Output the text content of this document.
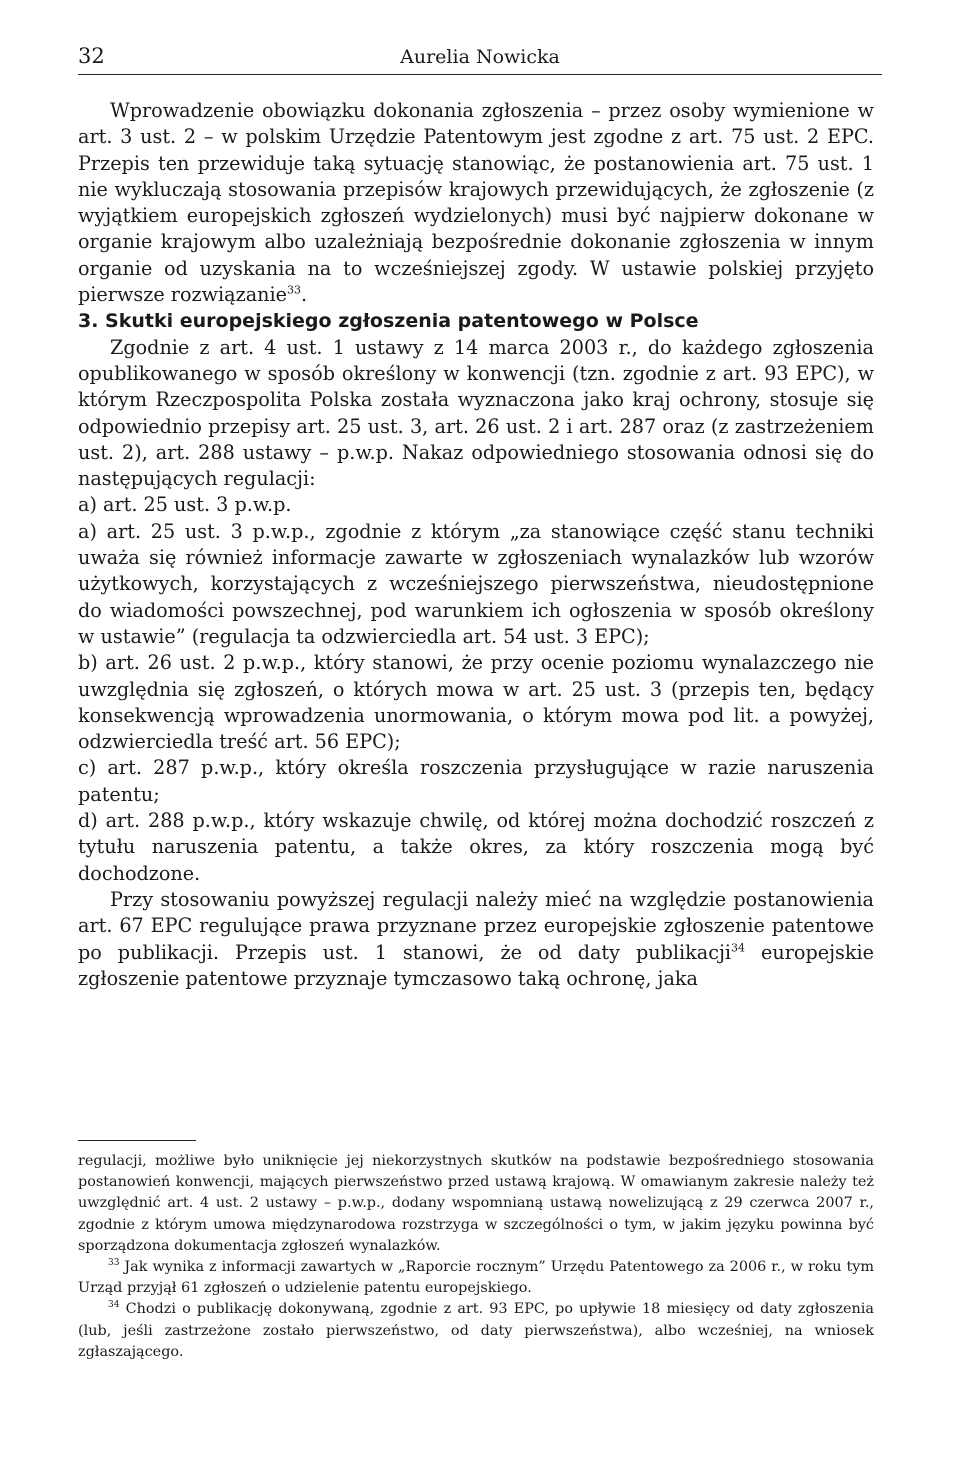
32	Aurelia Nowicka

Wprowadzenie obowiązku dokonania zgłoszenia – przez osoby wymienione w art. 3 ust. 2 – w polskim Urzędzie Patentowym jest zgodne z art. 75 ust. 2 EPC. Przepis ten przewiduje taką sytuację stanowiąc, że postanowienia art. 75 ust. 1 nie wykluczają stosowania przepisów krajowych przewidujących, że zgłoszenie (z wyjątkiem europejskich zgłoszeń wydzielonych) musi być najpierw dokonane w organie krajowym albo uzależniają bezpośrednie dokonanie zgłoszenia w innym organie od uzyskania na to wcześniejszej zgody. W ustawie polskiej przyjęto pierwsze rozwiązanie$^{33}$.

3. Skutki europejskiego zgłoszenia patentowego w Polsce

Zgodnie z art. 4 ust. 1 ustawy z 14 marca 2003 r., do każdego zgłoszenia opublikowanego w sposób określony w konwencji (tzn. zgodnie z art. 93 EPC), w którym Rzeczpospolita Polska została wyznaczona jako kraj ochrony, stosuje się odpowiednio przepisy art. 25 ust. 3, art. 26 ust. 2 i art. 287 oraz (z zastrzeżeniem ust. 2), art. 288 ustawy – p.w.p. Nakaz odpowiedniego stosowania odnosi się do następujących regulacji:

a) art. 25 ust. 3 p.w.p.

a) art. 25 ust. 3 p.w.p., zgodnie z którym „za stanowiące część stanu techniki uważa się również informacje zawarte w zgłoszeniach wynalazków lub wzorów użytkowych, korzystających z wcześniejszego pierwszeństwa, nieudostępnione do wiadomości powszechnej, pod warunkiem ich ogłoszenia w sposób określony w ustawie” (regulacja ta odzwierciedla art. 54 ust. 3 EPC);

b) art. 26 ust. 2 p.w.p., który stanowi, że przy ocenie poziomu wynalazczego nie uwzględnia się zgłoszeń, o których mowa w art. 25 ust. 3 (przepis ten, będący konsekwencją wprowadzenia unormowania, o którym mowa pod lit. a powyżej, odzwierciedla treść art. 56 EPC);

c) art. 287 p.w.p., który określa roszczenia przysługujące w razie naruszenia patentu;

d) art. 288 p.w.p., który wskazuje chwilę, od której można dochodzić roszczeń z tytułu naruszenia patentu, a także okres, za który roszczenia mogą być dochodzone.

Przy stosowaniu powyższej regulacji należy mieć na względzie postanowienia art. 67 EPC regulujące prawa przyznane przez europejskie zgłoszenie patentowe po publikacji. Przepis ust. 1 stanowi, że od daty publikacji$^{34}$ europejskie zgłoszenie patentowe przyznaje tymczasowo taką ochronę, jaka

regulacji, możliwe było uniknięcie jej niekorzystnych skutków na podstawie bezpośredniego stosowania postanowień konwencji, mających pierwszeństwo przed ustawą krajową. W omawianym zakresie należy też uwzględnić art. 4 ust. 2 ustawy – p.w.p., dodany wspomnianą ustawą nowelizującą z 29 czerwca 2007 r., zgodnie z którym umowa międzynarodowa rozstrzyga w szczególności o tym, w jakim języku powinna być sporządzona dokumentacja zgłoszeń wynalazków.

$^{33}$ Jak wynika z informacji zawartych w „Raporcie rocznym” Urzędu Patentowego za 2006 r., w roku tym Urząd przyjął 61 zgłoszeń o udzielenie patentu europejskiego.

$^{34}$ Chodzi o publikację dokonywaną, zgodnie z art. 93 EPC, po upływie 18 miesięcy od daty zgłoszenia (lub, jeśli zastrzeżone zostało pierwszeństwo, od daty pierwszeństwa), albo wcześniej, na wniosek zgłaszającego.
